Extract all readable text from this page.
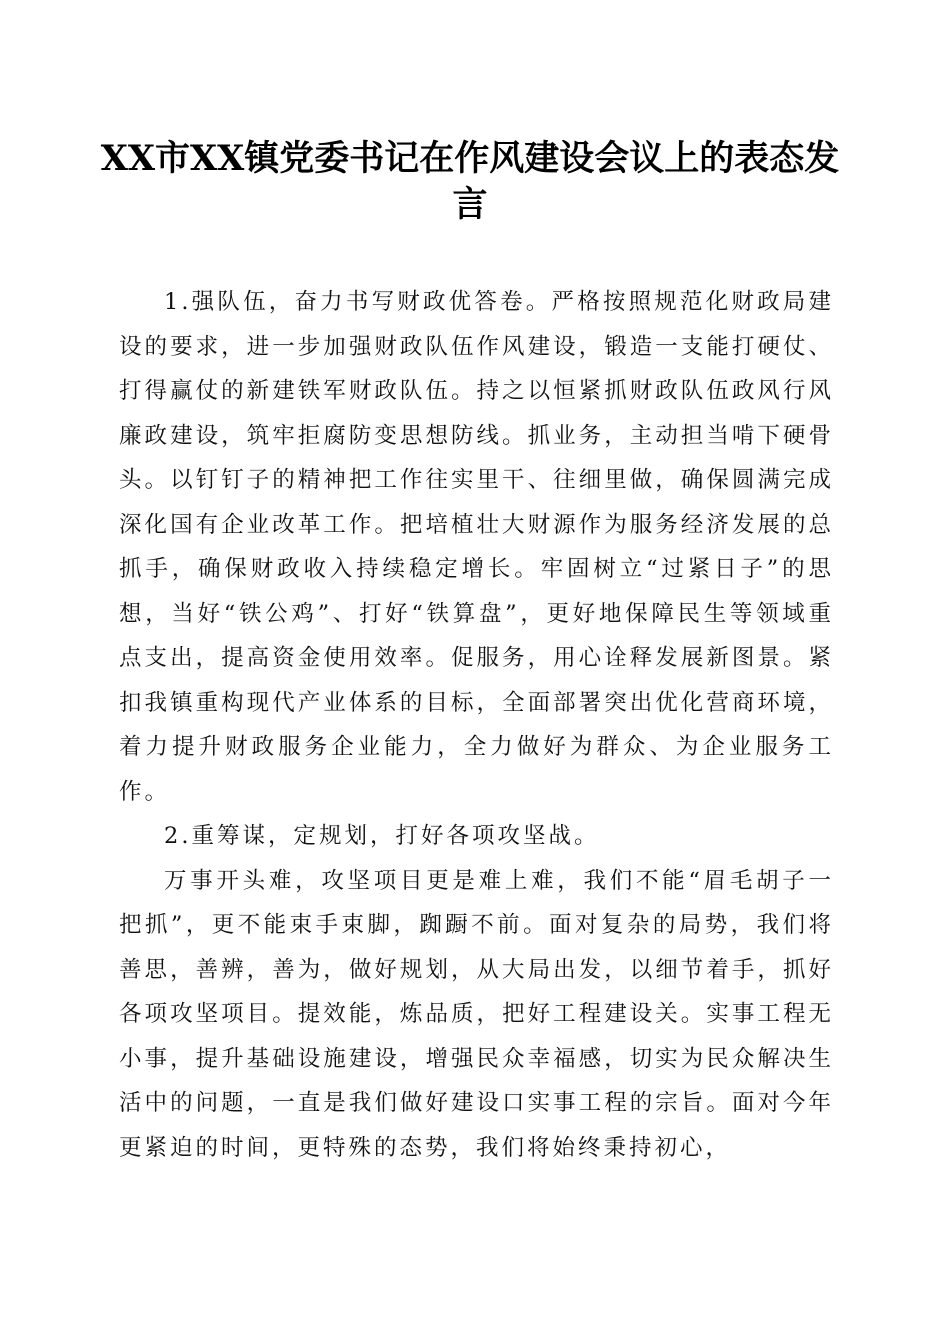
XX市XX镇党委书记在作风建设会议上的表态发言

1.强队伍，奋力书写财政优答卷。严格按照规范化财政局建设的要求，进一步加强财政队伍作风建设，锻造一支能打硬仗、打得赢仗的新建铁军财政队伍。持之以恒紧抓财政队伍政风行风廉政建设，筑牢拒腐防变思想防线。抓业务，主动担当啃下硬骨头。以钉钉子的精神把工作往实里干、往细里做，确保圆满完成深化国有企业改革工作。把培植壮大财源作为服务经济发展的总抓手，确保财政收入持续稳定增长。牢固树立“过紧日子”的思想，当好“铁公鸡”、打好“铁算盘”，更好地保障民生等领域重点支出，提高资金使用效率。促服务，用心诠释发展新图景。紧扣我镇重构现代产业体系的目标，全面部署突出优化营商环境，着力提升财政服务企业能力，全力做好为群众、为企业服务工作。

2.重筹谋，定规划，打好各项攻坚战。

万事开头难，攻坚项目更是难上难，我们不能“眉毛胡子一把抓”，更不能束手束脚，踟蹰不前。面对复杂的局势，我们将善思，善辨，善为，做好规划，从大局出发，以细节着手，抓好各项攻坚项目。提效能，炼品质，把好工程建设关。实事工程无小事，提升基础设施建设，增强民众幸福感，切实为民众解决生活中的问题，一直是我们做好建设口实事工程的宗旨。面对今年更紧迫的时间，更特殊的态势，我们将始终秉持初心，
